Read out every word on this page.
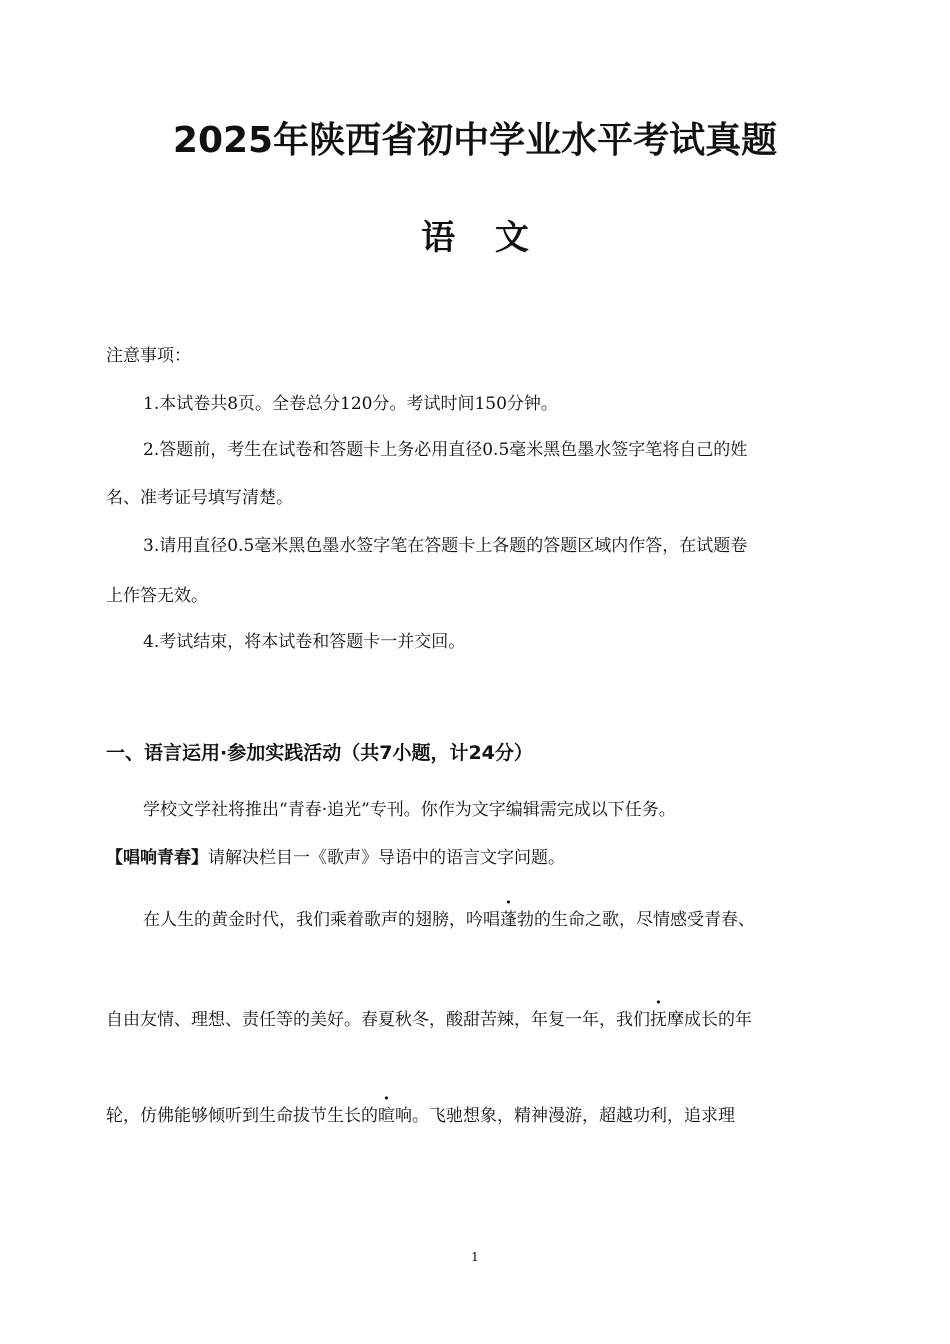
2025年陕西省初中学业水平考试真题
语 文
注意事项：
1.本试卷共8页。全卷总分120分。考试时间150分钟。
2.答题前，考生在试卷和答题卡上务必用直径0.5毫米黑色墨水签字笔将自己的姓
名、准考证号填写清楚。
3.请用直径0.5毫米黑色墨水签字笔在答题卡上各题的答题区域内作答，在试题卷
上作答无效。
4.考试结束，将本试卷和答题卡一并交回。
一、语言运用·参加实践活动（共7小题，计24分）
学校文学社将推出“青春·追光”专刊。你作为文字编辑需完成以下任务。
【唱响青春】请解决栏目一《歌声》导语中的语言文字问题。
在人生的黄金时代，我们乘着歌声的翅膀，吟唱蓬勃的生命之歌，尽情感受青春、
自由友情、理想、责任等的美好。春夏秋冬，酸甜苦辣，年复一年，我们抚摩成长的年
轮，仿佛能够倾听到生命拔节生长的暄响。飞驰想象，精神漫游，超越功利，追求理
1
